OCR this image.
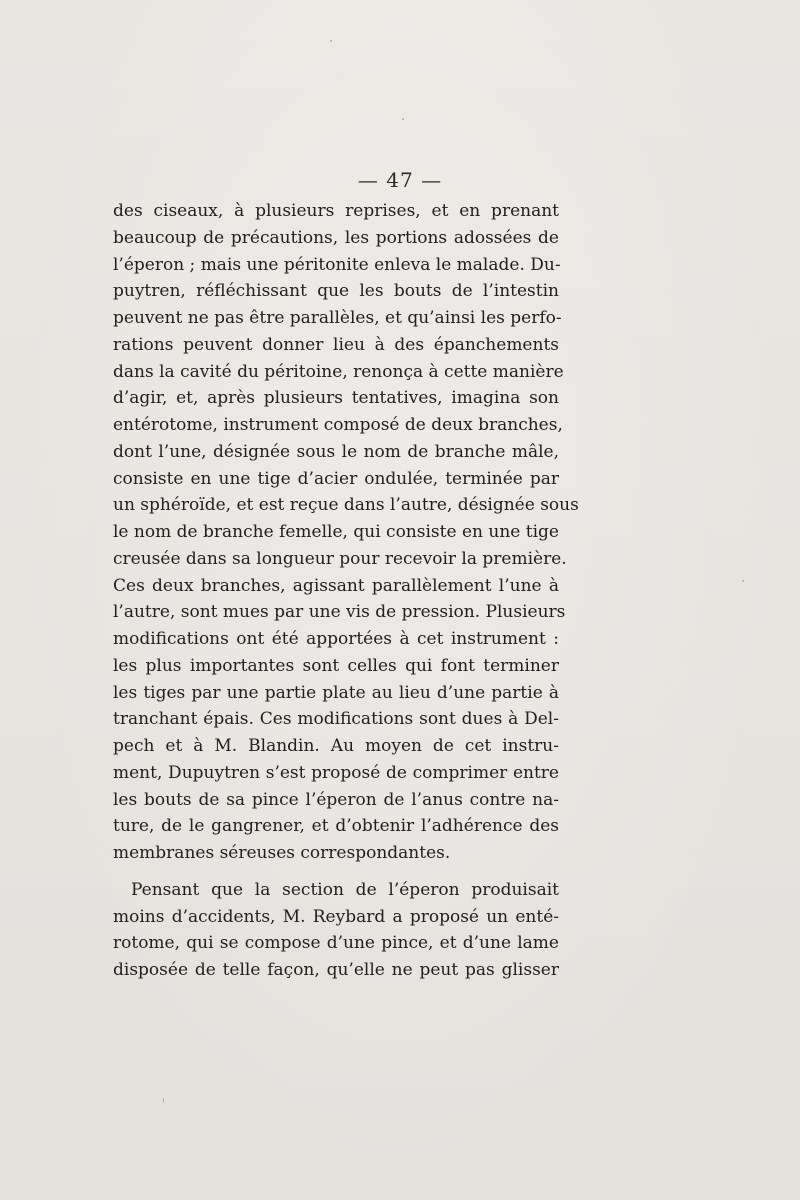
— 47 —
des ciseaux, à plusieurs reprises, et en prenant
beaucoup de précautions, les portions adossées de
l’éperon ; mais une péritonite enleva le malade. Du-
puytren, réfléchissant que les bouts de l’intestin
peuvent ne pas être parallèles, et qu’ainsi les perfo-
rations peuvent donner lieu à des épanchements
dans la cavité du péritoine, renonça à cette manière
d’agir, et, après plusieurs tentatives, imagina son
entérotome, instrument composé de deux branches,
dont l’une, désignée sous le nom de branche mâle,
consiste en une tige d’acier ondulée, terminée par
un sphéroïde, et est reçue dans l’autre, désignée sous
le nom de branche femelle, qui consiste en une tige
creusée dans sa longueur pour recevoir la première.
Ces deux branches, agissant parallèlement l’une à
l’autre, sont mues par une vis de pression. Plusieurs
modifications ont été apportées à cet instrument :
les plus importantes sont celles qui font terminer
les tiges par une partie plate au lieu d’une partie à
tranchant épais. Ces modifications sont dues à Del-
pech et à M. Blandin. Au moyen de cet instru-
ment, Dupuytren s’est proposé de comprimer entre
les bouts de sa pince l’éperon de l’anus contre na-
ture, de le gangrener, et d’obtenir l’adhérence des
membranes séreuses correspondantes.
Pensant que la section de l’éperon produisait
moins d’accidents, M. Reybard a proposé un enté-
rotome, qui se compose d’une pince, et d’une lame
disposée de telle façon, qu’elle ne peut pas glisser
